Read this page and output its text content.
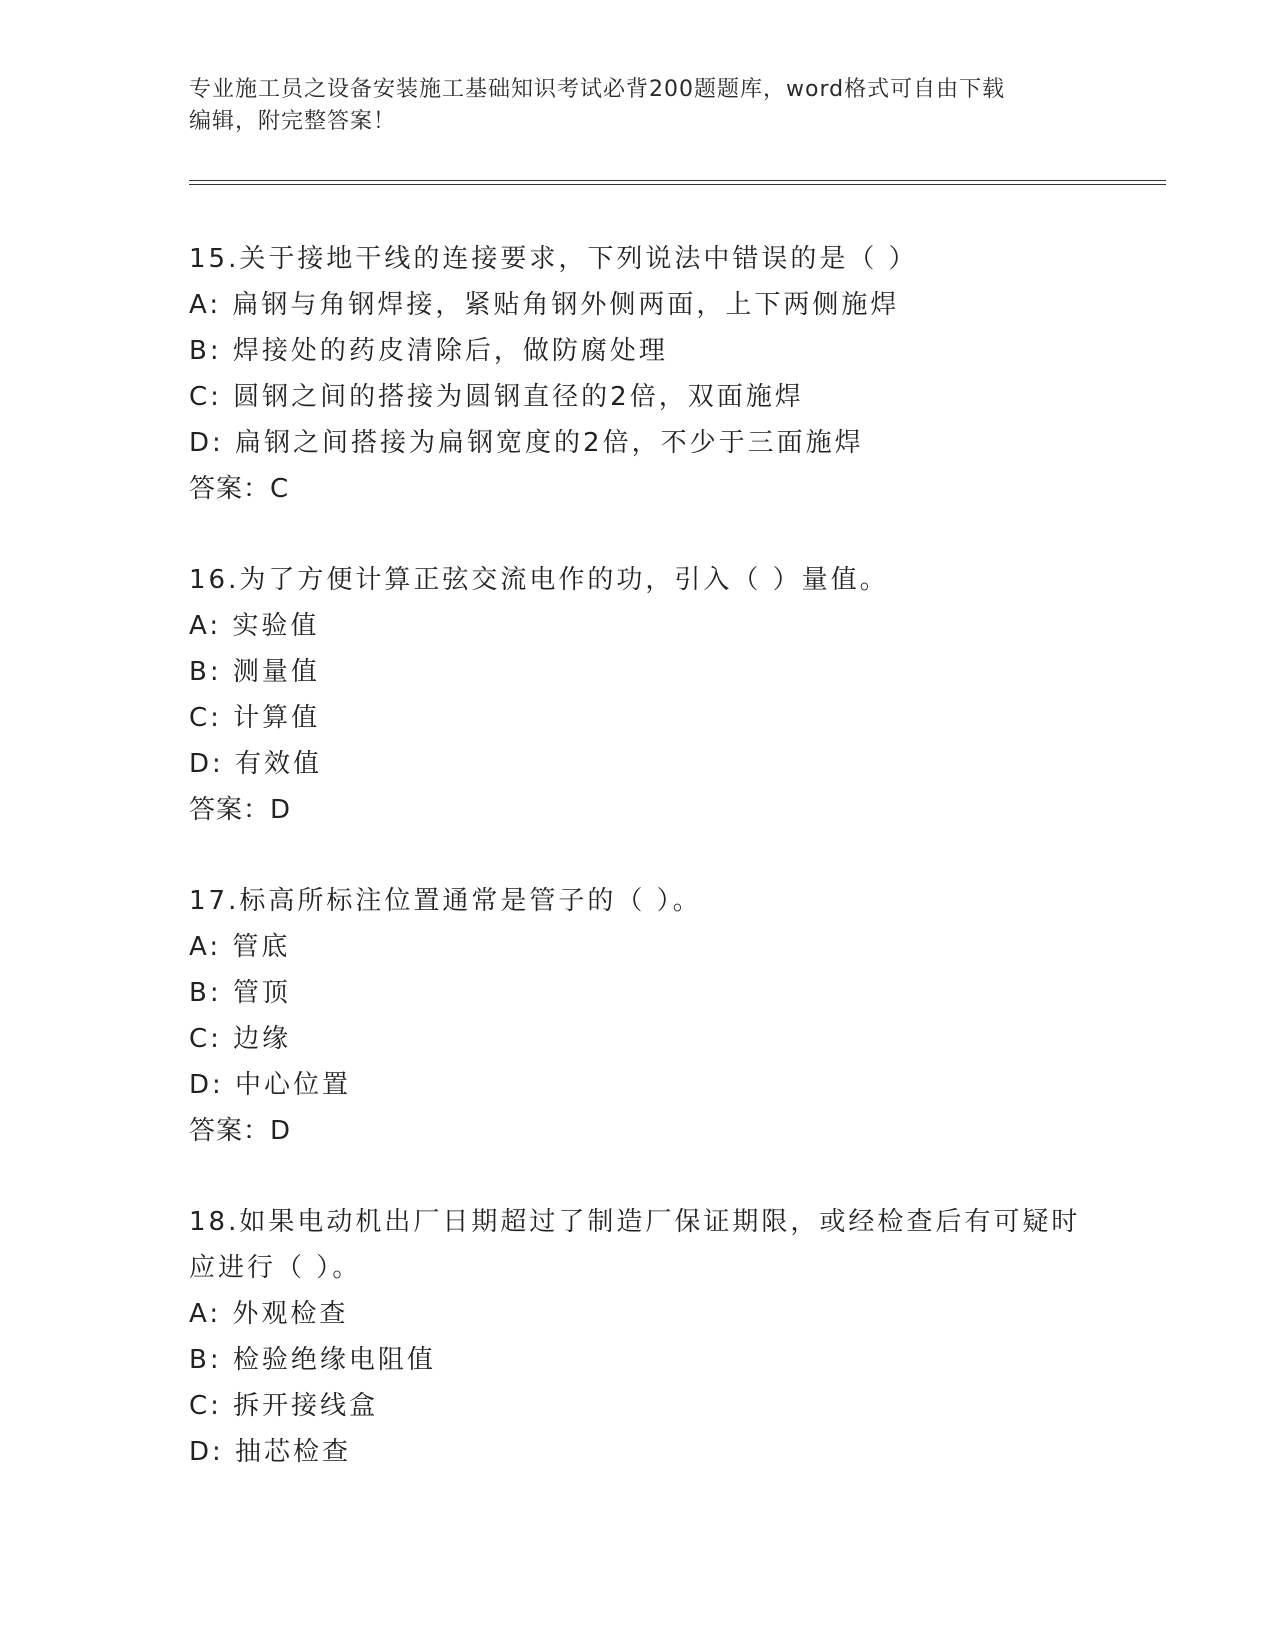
专业施工员之设备安装施工基础知识考试必背200题题库，word格式可自由下载
编辑，附完整答案！
15.关于接地干线的连接要求，下列说法中错误的是（ ）
A: 扁钢与角钢焊接，紧贴角钢外侧两面，上下两侧施焊
B: 焊接处的药皮清除后，做防腐处理
C: 圆钢之间的搭接为圆钢直径的2倍，双面施焊
D: 扁钢之间搭接为扁钢宽度的2倍，不少于三面施焊
答案：C
16.为了方便计算正弦交流电作的功，引入（ ）量值。
A: 实验值
B: 测量值
C: 计算值
D: 有效值
答案：D
17.标高所标注位置通常是管子的（ ）。
A: 管底
B: 管顶
C: 边缘
D: 中心位置
答案：D
18.如果电动机出厂日期超过了制造厂保证期限，或经检查后有可疑时
应进行（ ）。
A: 外观检查
B: 检验绝缘电阻值
C: 拆开接线盒
D: 抽芯检查
